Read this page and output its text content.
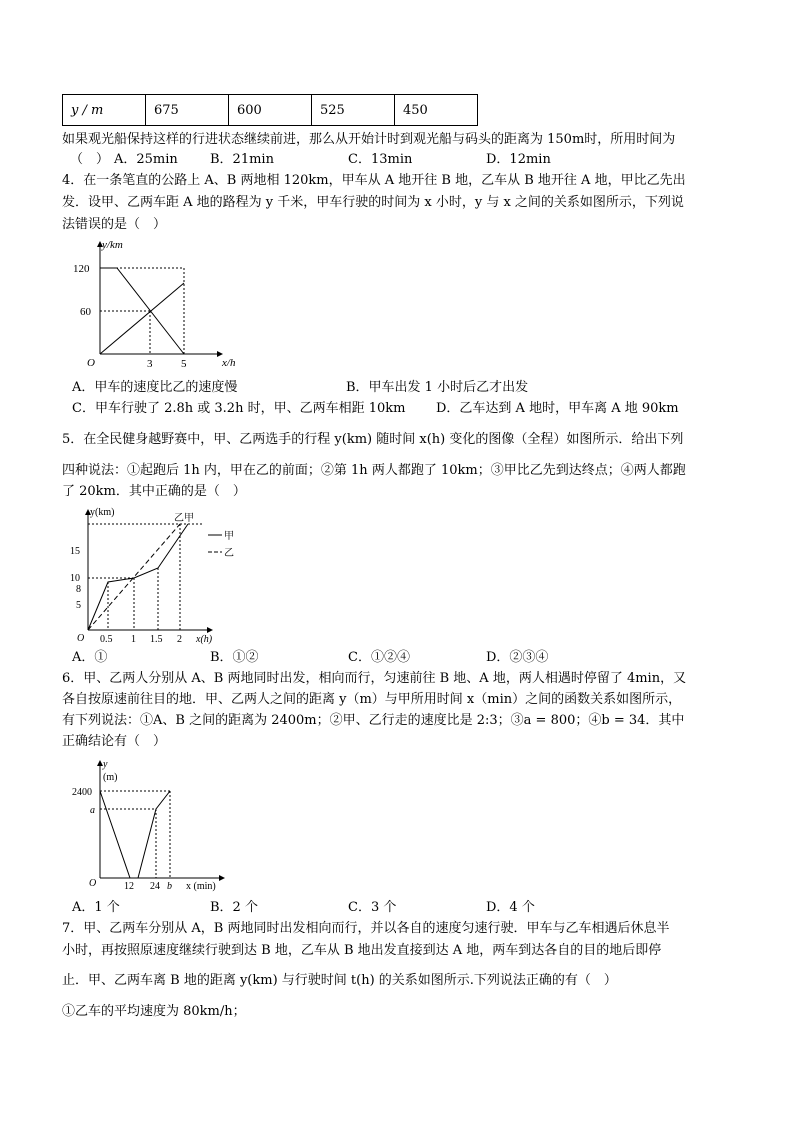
y / m	675	600	525	450
如果观光船保持这样的行进状态继续前进，那么从开始计时到观光船与码头的距离为 150m时，所用时间为
（　） A．25min B．21min	C．13min	D．12min
4．在一条笔直的公路上 A、B 两地相 120km，甲车从 A 地开往 B 地，乙车从 B 地开往 A 地，甲比乙先出
发．设甲、乙两车距 A 地的路程为 y 千米，甲车行驶的时间为 x 小时，y 与 x 之间的关系如图所示，下列说
法错误的是（　）
y/km
x/h
O
120
60
3	5
A．甲车的速度比乙的速度慢	B．甲车出发 1 小时后乙才出发
C．甲车行驶了 2.8h 或 3.2h 时，甲、乙两车相距 10km D．乙车达到 A 地时，甲车离 A 地 90km
5．在全民健身越野赛中，甲、乙两选手的行程 y(km) 随时间 x(h) 变化的图像（全程）如图所示．给出下列
四种说法：①起跑后 1h 内，甲在乙的前面；②第 1h 两人都跑了 10km；③甲比乙先到达终点；④两人都跑
了 20km．其中正确的是（　）
y(km)
x(h)
O
15
10
8
5
0.5 1 1.5 2
乙甲
甲
乙
A．①	B．①②	C．①②④	D．②③④
6．甲、乙两人分别从 A、B 两地同时出发，相向而行，匀速前往 B 地、A 地，两人相遇时停留了 4min，又
各自按原速前往目的地．甲、乙两人之间的距离 y（m）与甲所用时间 x（min）之间的函数关系如图所示，
有下列说法：①A、B 之间的距离为 2400m；②甲、乙行走的速度比是 2:3；③a = 800；④b = 34．其中
正确结论有（　）
y
(m)
x (min)
O
2400
a
12 24 b
A．1 个	B．2 个	C．3 个	D．4 个
7．甲、乙两车分别从 A，B 两地同时出发相向而行，并以各自的速度匀速行驶．甲车与乙车相遇后休息半
小时，再按照原速度继续行驶到达 B 地，乙车从 B 地出发直接到达 A 地，两车到达各自的目的地后即停
止．甲、乙两车离 B 地的距离 y(km) 与行驶时间 t(h) 的关系如图所示.下列说法正确的有（　）
①乙车的平均速度为 80km/h；
